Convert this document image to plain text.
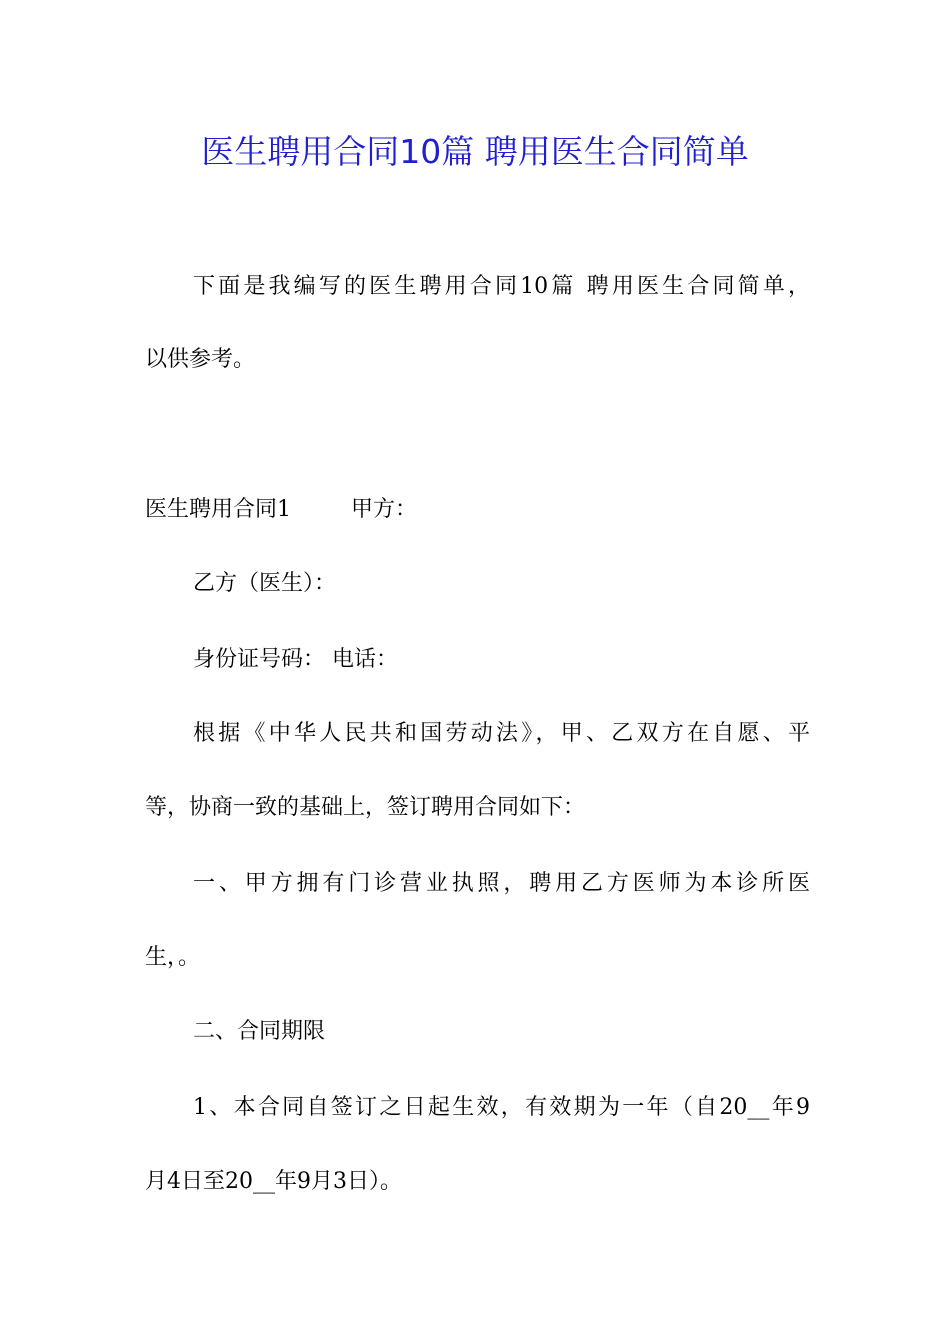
医生聘用合同10篇 聘用医生合同简单

下面是我编写的医生聘用合同10篇 聘用医生合同简单，

以供参考。

医生聘用合同1	甲方：

乙方（医生）：

身份证号码： 电话：

根据《中华人民共和国劳动法》，甲、乙双方在自愿、平

等，协商一致的基础上，签订聘用合同如下：

一、甲方拥有门诊营业执照，聘用乙方医师为本诊所医

生，。

二、合同期限

1、本合同自签订之日起生效，有效期为一年（自20__年9

月4日至20__年9月3日）。
